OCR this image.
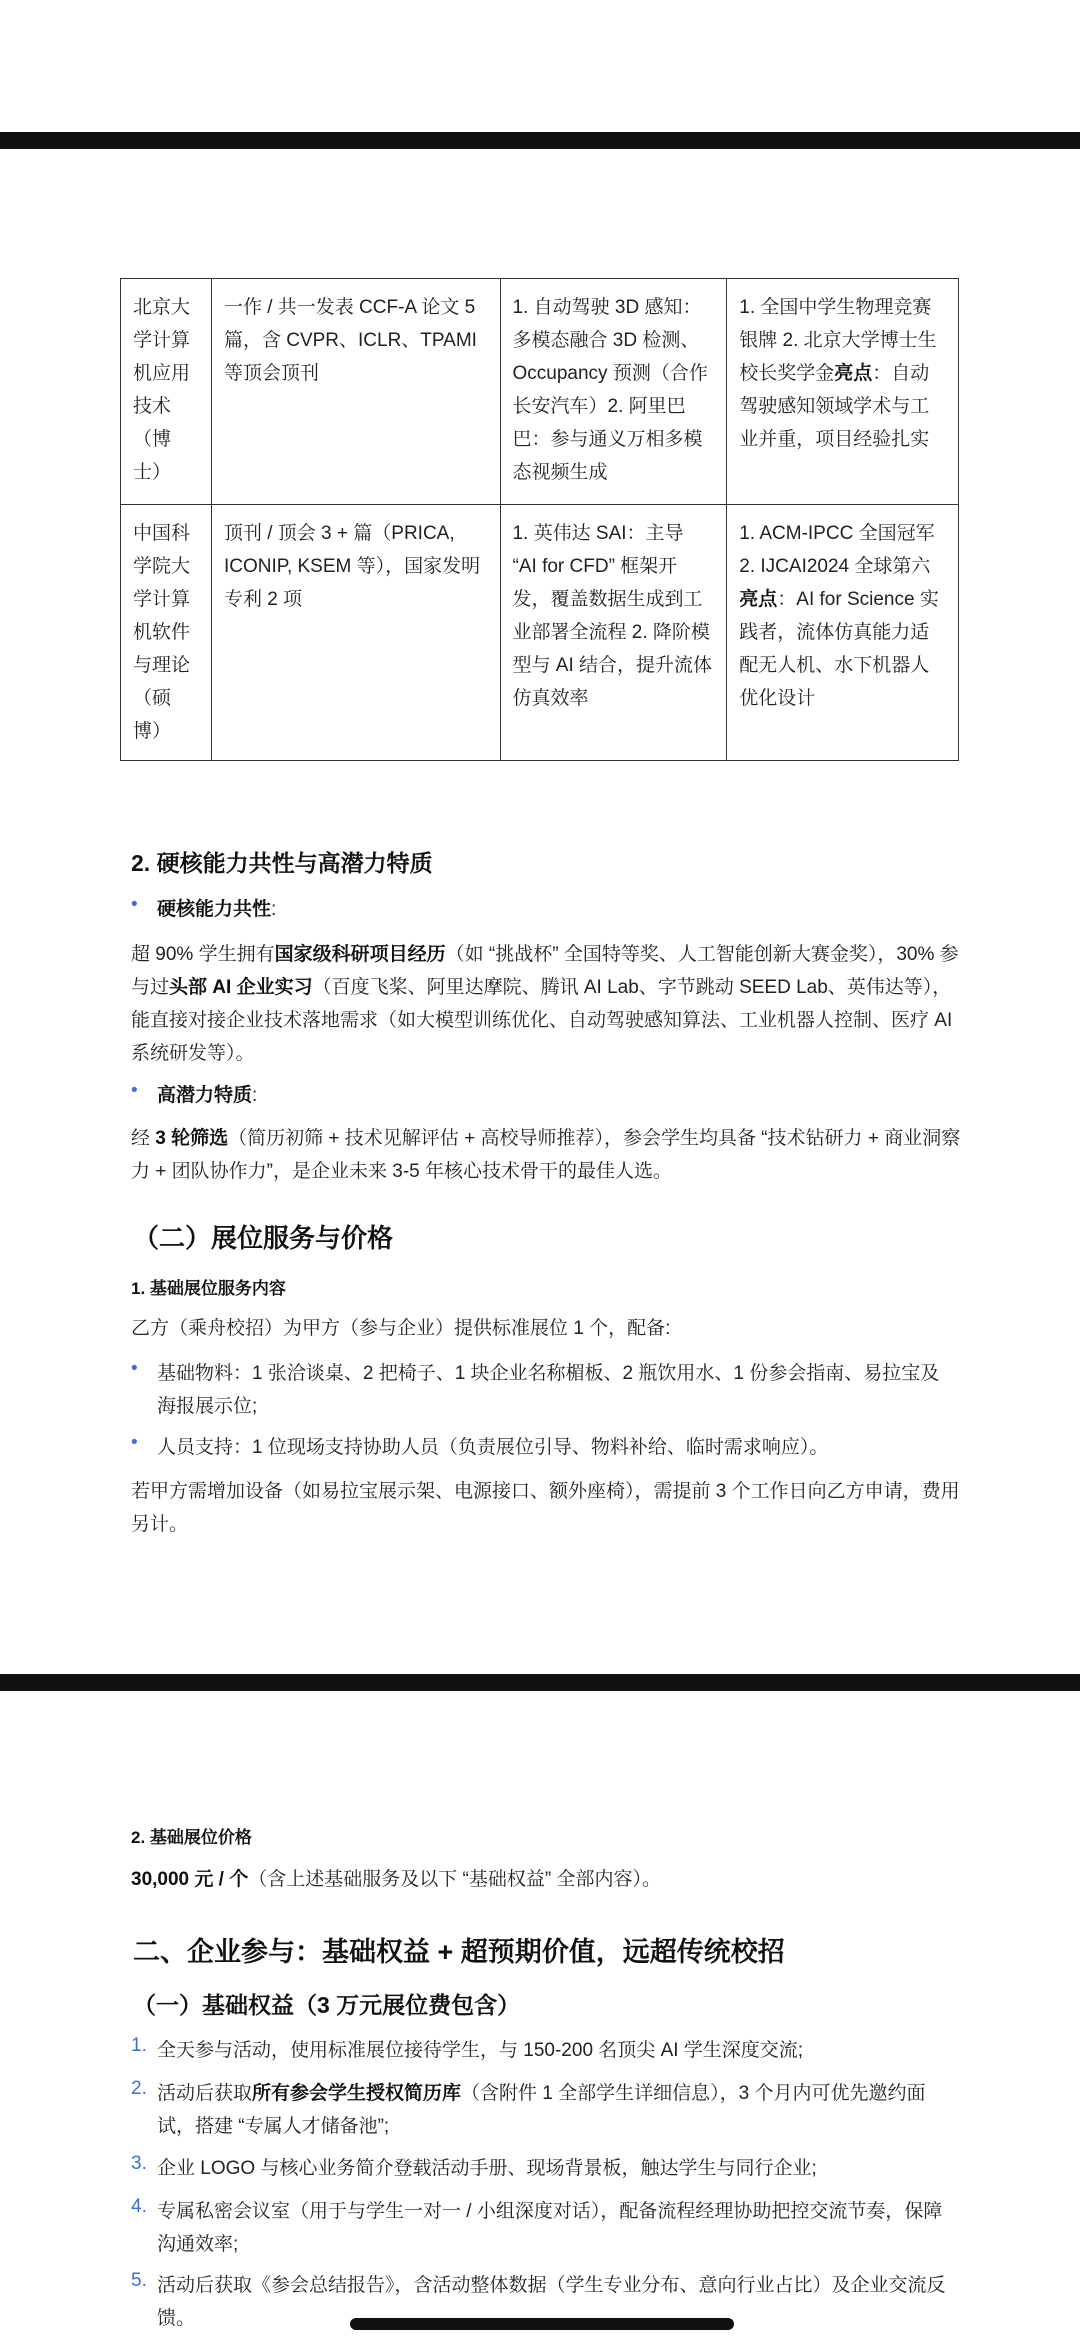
北京大学计算机应用技术（博士）	一作 / 共一发表 CCF-A 论文 5 篇，含 CVPR、ICLR、TPAMI 等顶会顶刊	1. 自动驾驶 3D 感知：多模态融合 3D 检测、Occupancy 预测（合作长安汽车）2. 阿里巴巴：参与通义万相多模态视频生成	1. 全国中学生物理竞赛银牌 2. 北京大学博士生校长奖学金亮点：自动驾驶感知领域学术与工业并重，项目经验扎实
中国科学院大学计算机软件与理论（硕博）	顶刊 / 顶会 3 + 篇（PRICA, ICONIP, KSEM 等），国家发明专利 2 项	1. 英伟达 SAI：主导 “AI for CFD” 框架开发，覆盖数据生成到工业部署全流程 2. 降阶模型与 AI 结合，提升流体仿真效率	1. ACM-IPCC 全国冠军 2. IJCAI2024 全球第六 亮点：AI for Science 实践者，流体仿真能力适配无人机、水下机器人优化设计
2. 硬核能力共性与高潜力特质
• 硬核能力共性:
超 90% 学生拥有国家级科研项目经历（如 “挑战杯” 全国特等奖、人工智能创新大赛金奖），30% 参与过头部 AI 企业实习（百度飞桨、阿里达摩院、腾讯 AI Lab、字节跳动 SEED Lab、英伟达等），能直接对接企业技术落地需求（如大模型训练优化、自动驾驶感知算法、工业机器人控制、医疗 AI 系统研发等）。
• 高潜力特质:
经 3 轮筛选（简历初筛 + 技术见解评估 + 高校导师推荐），参会学生均具备 “技术钻研力 + 商业洞察力 + 团队协作力”，是企业未来 3-5 年核心技术骨干的最佳人选。
（二）展位服务与价格
1. 基础展位服务内容
乙方（乘舟校招）为甲方（参与企业）提供标准展位 1 个，配备:
• 基础物料：1 张洽谈桌、2 把椅子、1 块企业名称楣板、2 瓶饮用水、1 份参会指南、易拉宝及海报展示位;
• 人员支持：1 位现场支持协助人员（负责展位引导、物料补给、临时需求响应）。
若甲方需增加设备（如易拉宝展示架、电源接口、额外座椅），需提前 3 个工作日向乙方申请，费用另计。
2. 基础展位价格
30,000 元 / 个（含上述基础服务及以下 “基础权益” 全部内容）。
二、企业参与：基础权益 + 超预期价值，远超传统校招
（一）基础权益（3 万元展位费包含）
1. 全天参与活动，使用标准展位接待学生，与 150-200 名顶尖 AI 学生深度交流;
2. 活动后获取所有参会学生授权简历库（含附件 1 全部学生详细信息），3 个月内可优先邀约面试，搭建 “专属人才储备池”;
3. 企业 LOGO 与核心业务简介登载活动手册、现场背景板，触达学生与同行企业;
4. 专属私密会议室（用于与学生一对一 / 小组深度对话），配备流程经理协助把控交流节奏，保障沟通效率;
5. 活动后获取《参会总结报告》，含活动整体数据（学生专业分布、意向行业占比）及企业交流反馈。
